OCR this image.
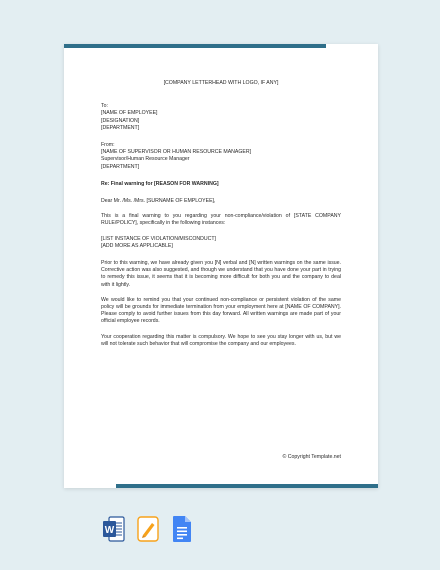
[COMPANY LETTERHEAD WITH LOGO, IF ANY]
To:
[NAME OF EMPLOYEE]
[DESIGNATION]
[DEPARTMENT]
From:
[NAME OF SUPERVISOR OR HUMAN RESOURCE MANAGER]
Supervisor/Human Resource Manager
[DEPARTMENT]
Re: Final warning for [REASON FOR WARNING]
Dear Mr. /Ms. /Mrs. [SURNAME OF EMPLOYEE],
This is a final warning to you regarding your non-compliance/violation of [STATE COMPANY RULE/POLICY], specifically in the following instances:
[LIST INSTANCE OF VIOLATION/MISCONDUCT]
[ADD MORE AS APPLICABLE]
Prior to this warning, we have already given you [N] verbal and [N] written warnings on the same issue. Corrective action was also suggested, and though we understand that you have done your part in trying to remedy this issue, it seems that it is becoming more difficult for both you and the company to deal with it lightly.
We would like to remind you that your continued non-compliance or persistent violation of the same policy will be grounds for immediate termination from your employment here at [NAME OF COMPANY]. Please comply to avoid further issues from this day forward. All written warnings are made part of your official employee records.
Your cooperation regarding this matter is compulsory. We hope to see you stay longer with us, but we will not tolerate such behavior that will compromise the company and our employees.
© Copyright Template.net
W
